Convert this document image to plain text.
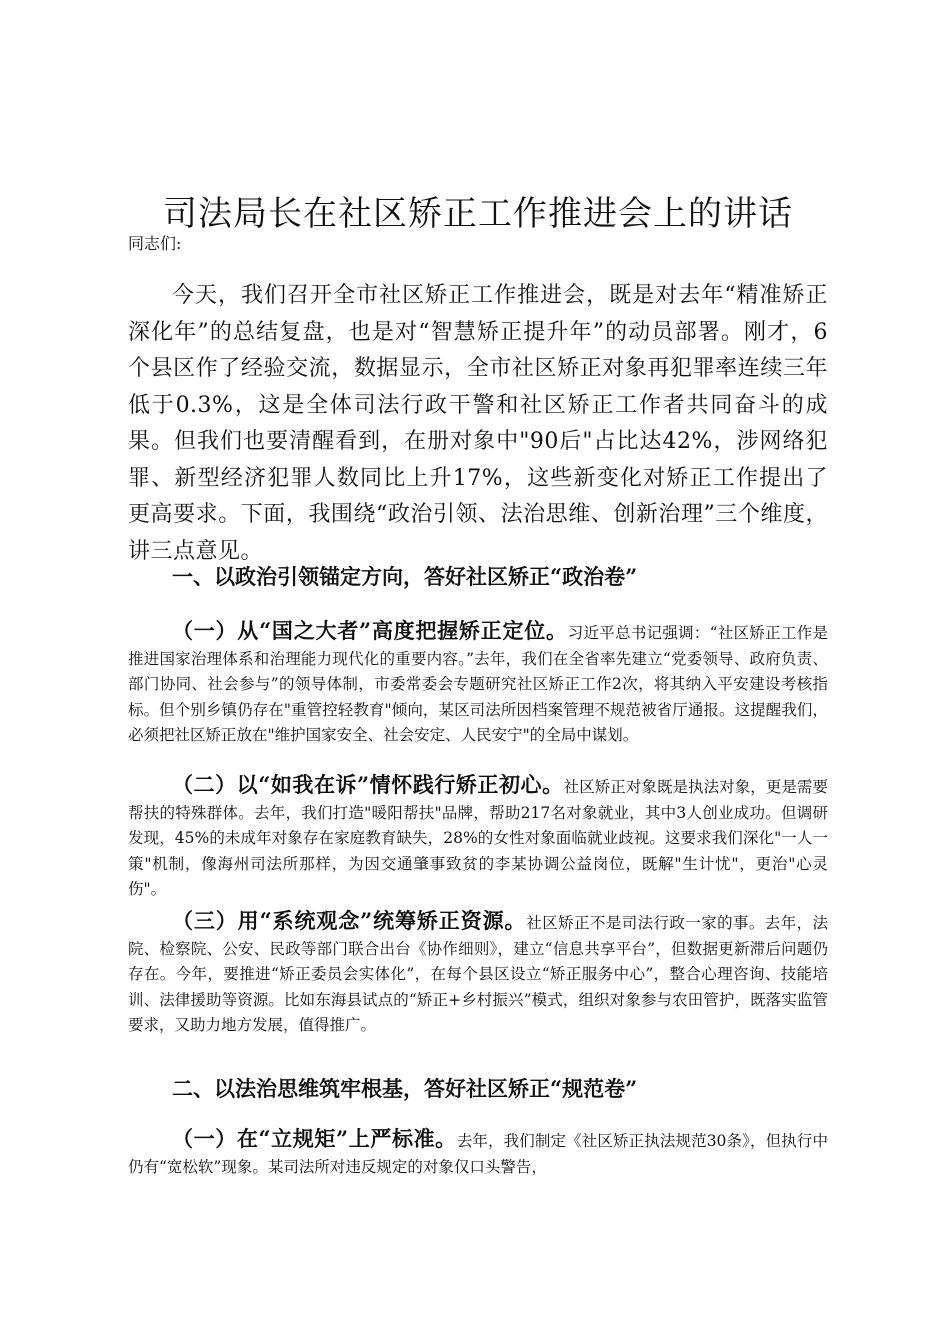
司法局长在社区矫正工作推进会上的讲话
同志们:

今天，我们召开全市社区矫正工作推进会，既是对去年“精准矫正深化年”的总结复盘，也是对“智慧矫正提升年”的动员部署。刚才，6个县区作了经验交流，数据显示，全市社区矫正对象再犯罪率连续三年低于0.3%，这是全体司法行政干警和社区矫正工作者共同奋斗的成果。但我们也要清醒看到，在册对象中"90后"占比达42%，涉网络犯罪、新型经济犯罪人数同比上升17%，这些新变化对矫正工作提出了更高要求。下面，我围绕“政治引领、法治思维、创新治理”三个维度，讲三点意见。

一、以政治引领锚定方向，答好社区矫正“政治卷”

（一）从“国之大者”高度把握矫正定位。习近平总书记强调：“社区矫正工作是推进国家治理体系和治理能力现代化的重要内容。”去年，我们在全省率先建立“党委领导、政府负责、部门协同、社会参与”的领导体制，市委常委会专题研究社区矫正工作2次，将其纳入平安建设考核指标。但个别乡镇仍存在"重管控轻教育"倾向，某区司法所因档案管理不规范被省厅通报。这提醒我们，必须把社区矫正放在"维护国家安全、社会安定、人民安宁"的全局中谋划。

（二）以“如我在诉”情怀践行矫正初心。社区矫正对象既是执法对象，更是需要帮扶的特殊群体。去年，我们打造"暖阳帮扶"品牌，帮助217名对象就业，其中3人创业成功。但调研发现，45%的未成年对象存在家庭教育缺失，28%的女性对象面临就业歧视。这要求我们深化"一人一策"机制，像海州司法所那样，为因交通肇事致贫的李某协调公益岗位，既解"生计忧"，更治"心灵伤"。

（三）用“系统观念”统筹矫正资源。社区矫正不是司法行政一家的事。去年，法院、检察院、公安、民政等部门联合出台《协作细则》，建立“信息共享平台”，但数据更新滞后问题仍存在。今年，要推进“矫正委员会实体化”，在每个县区设立“矫正服务中心”，整合心理咨询、技能培训、法律援助等资源。比如东海县试点的“矫正+乡村振兴”模式，组织对象参与农田管护，既落实监管要求，又助力地方发展，值得推广。

二、以法治思维筑牢根基，答好社区矫正“规范卷”

（一）在“立规矩”上严标准。去年，我们制定《社区矫正执法规范30条》，但执行中仍有“宽松软”现象。某司法所对违反规定的对象仅口头警告，
